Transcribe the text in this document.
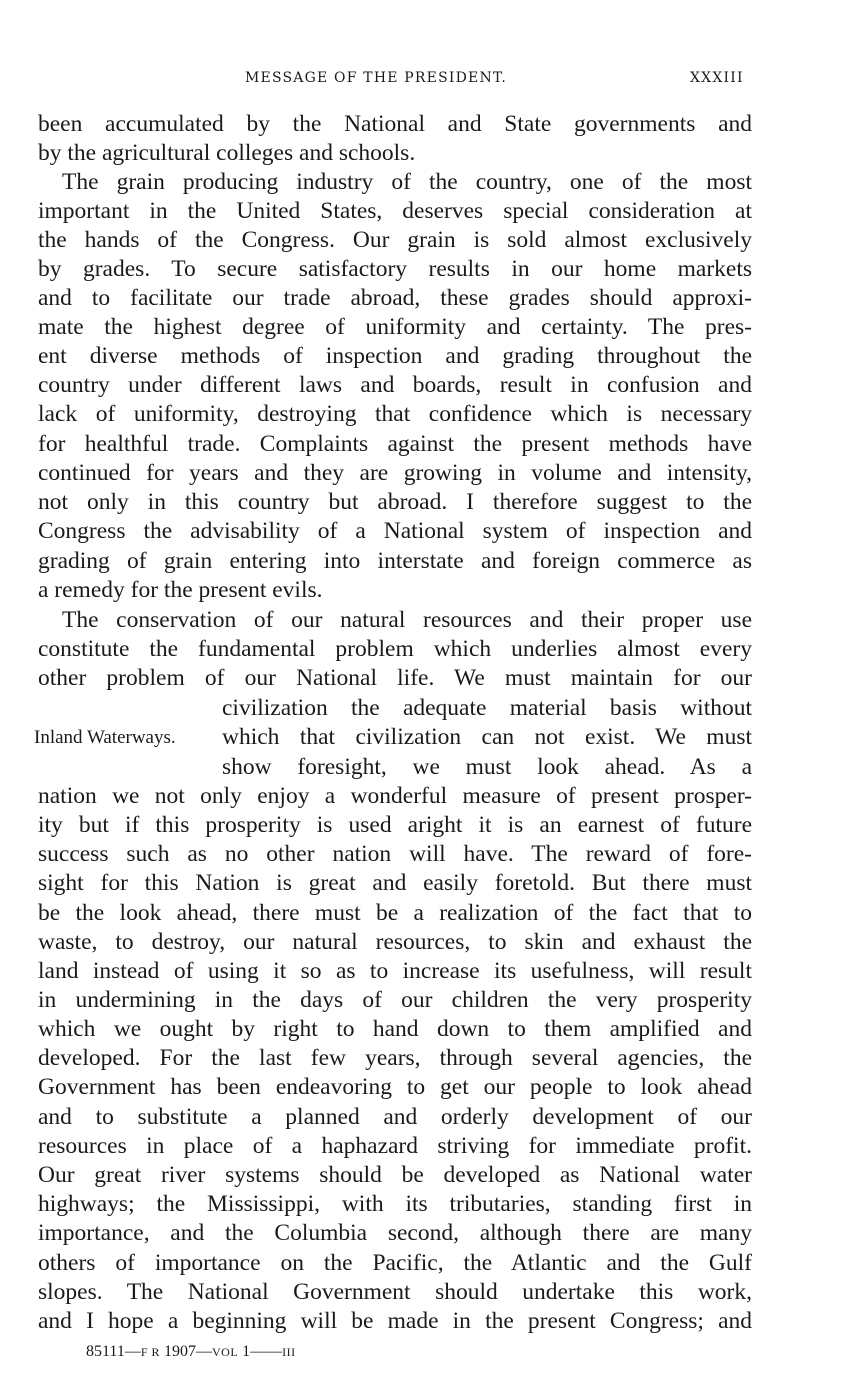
MESSAGE OF THE PRESIDENT.	XXXIII
been accumulated by the National and State governments and
by the agricultural colleges and schools.
The grain producing industry of the country, one of the most
important in the United States, deserves special consideration at
the hands of the Congress. Our grain is sold almost exclusively
by grades. To secure satisfactory results in our home markets
and to facilitate our trade abroad, these grades should approxi-
mate the highest degree of uniformity and certainty. The pres-
ent diverse methods of inspection and grading throughout the
country under different laws and boards, result in confusion and
lack of uniformity, destroying that confidence which is necessary
for healthful trade. Complaints against the present methods have
continued for years and they are growing in volume and intensity,
not only in this country but abroad. I therefore suggest to the
Congress the advisability of a National system of inspection and
grading of grain entering into interstate and foreign commerce as
a remedy for the present evils.
The conservation of our natural resources and their proper use
constitute the fundamental problem which underlies almost every
other problem of our National life. We must maintain for our
civilization the adequate material basis without
which that civilization can not exist. We must
show foresight, we must look ahead. As a
nation we not only enjoy a wonderful measure of present prosper-
ity but if this prosperity is used aright it is an earnest of future
success such as no other nation will have. The reward of fore-
sight for this Nation is great and easily foretold. But there must
be the look ahead, there must be a realization of the fact that to
waste, to destroy, our natural resources, to skin and exhaust the
land instead of using it so as to increase its usefulness, will result
in undermining in the days of our children the very prosperity
which we ought by right to hand down to them amplified and
developed. For the last few years, through several agencies, the
Government has been endeavoring to get our people to look ahead
and to substitute a planned and orderly development of our
resources in place of a haphazard striving for immediate profit.
Our great river systems should be developed as National water
highways; the Mississippi, with its tributaries, standing first in
importance, and the Columbia second, although there are many
others of importance on the Pacific, the Atlantic and the Gulf
slopes. The National Government should undertake this work,
and I hope a beginning will be made in the present Congress; and
Inland Waterways.
85111—F R 1907—VOL 1——III
